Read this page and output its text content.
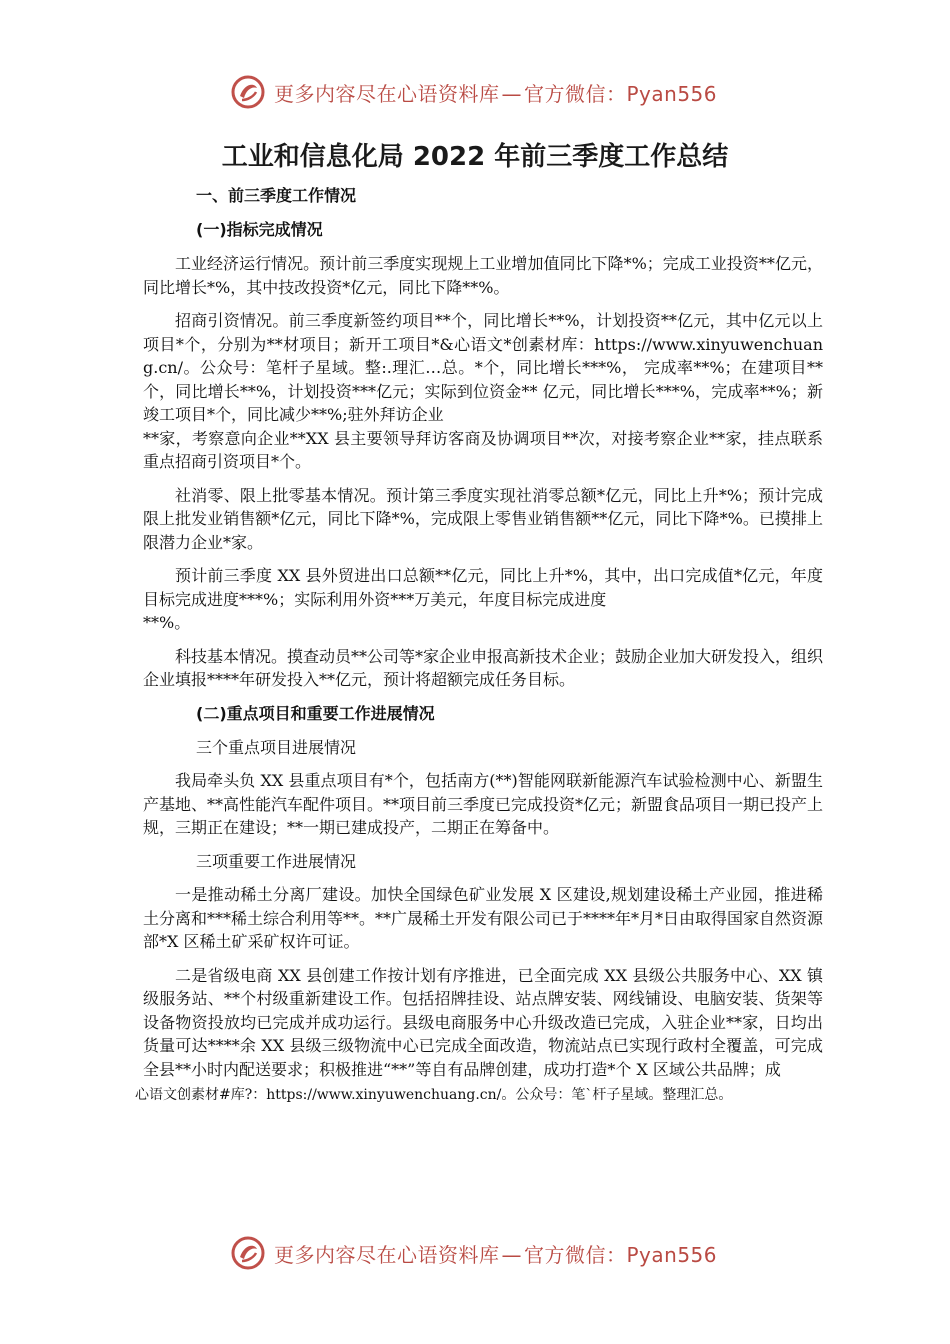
更多内容尽在心语资料库 — 官方微信：Pyan556
工业和信息化局 2022 年前三季度工作总结
一、前三季度工作情况
(一)指标完成情况

工业经济运行情况。预计前三季度实现规上工业增加值同比下降*%；完成工业投资**亿元，同比增长*%，其中技改投资*亿元，同比下降**%。

招商引资情况。前三季度新签约项目**个，同比增长**%，计划投资**亿元，其中亿元以上项目*个，分别为**材项目；新开工项目*&心语文*创素材库：https://www.xinyuwenchuang.cn/。公众号：笔杆子星域。整:.理汇…总。*个，同比增长***%， 完成率**%；在建项目**个，同比增长**%，计划投资***亿元；实际到位资金** 亿元，同比增长***%，完成率**%；新竣工项目*个，同比减少**%;驻外拜访企业

**家，考察意向企业**XX 县主要领导拜访客商及协调项目**次，对接考察企业**家，挂点联系重点招商引资项目*个。

社消零、限上批零基本情况。预计第三季度实现社消零总额*亿元，同比上升*%；预计完成限上批发业销售额*亿元，同比下降*%，完成限上零售业销售额**亿元，同比下降*%。已摸排上限潜力企业*家。

预计前三季度 XX 县外贸进出口总额**亿元，同比上升*%，其中，出口完成值*亿元，年度目标完成进度***%；实际利用外资***万美元，年度目标完成进度

**%。

科技基本情况。摸查动员**公司等*家企业申报高新技术企业；鼓励企业加大研发投入，组织企业填报****年研发投入**亿元，预计将超额完成任务目标。

(二)重点项目和重要工作进展情况

三个重点项目进展情况

我局牵头负 XX 县重点项目有*个，包括南方(**)智能网联新能源汽车试验检测中心、新盟生产基地、**高性能汽车配件项目。**项目前三季度已完成投资*亿元；新盟食品项目一期已投产上规，三期正在建设；**一期已建成投产，二期正在筹备中。

三项重要工作进展情况

一是推动稀土分离厂建设。加快全国绿色矿业发展 X 区建设,规划建设稀土产业园，推进稀土分离和***稀土综合利用等**。**广晟稀土开发有限公司已于****年*月*日由取得国家自然资源部*X 区稀土矿采矿权许可证。

二是省级电商 XX 县创建工作按计划有序推进，已全面完成 XX 县级公共服务中心、XX 镇级服务站、**个村级重新建设工作。包括招牌挂设、站点牌安装、网线铺设、电脑安装、货架等设备物资投放均已完成并成功运行。县级电商服务中心升级改造已完成，入驻企业**家，日均出货量可达****余 XX 县级三级物流中心已完成全面改造，物流站点已实现行政村全覆盖，可完成全县**小时内配送要求；积极推进“**”等自有品牌创建，成功打造*个 X 区域公共品牌；成

心语文创素材#库?：https://www.xinyuwenchuang.cn/。公众号：笔`杆子星域。整理汇总。

更多内容尽在心语资料库 — 官方微信：Pyan556
